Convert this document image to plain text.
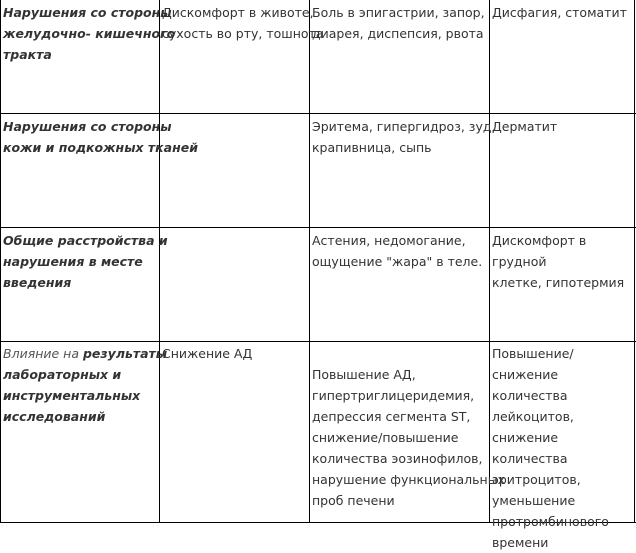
Нарушения со стороны
желудочно- кишечного
тракта
Дискомфорт в животе,
сухость во рту, тошнота
Боль в эпигастрии, запор,
диарея, диспепсия, рвота
Дисфагия, стоматит
Нарушения со стороны
кожи и подкожных тканей
Эритема, гипергидроз, зуд,
крапивница, сыпь
Дерматит
Общие расстройства и
нарушения в месте
введения
Астения, недомогание,
ощущение "жара" в теле.
Дискомфорт в грудной
клетке, гипотермия
Влияние на результаты
лабораторных и
инструментальных
исследований
Снижение АД
Повышение АД,
гипертриглицеридемия,
депрессия сегмента ST,
снижение/повышение
количества эозинофилов,
нарушение функциональных
проб печени
Повышение/снижение
количества
лейкоцитов, снижение
количества
эритроцитов,
уменьшение
протромбинового
времени
